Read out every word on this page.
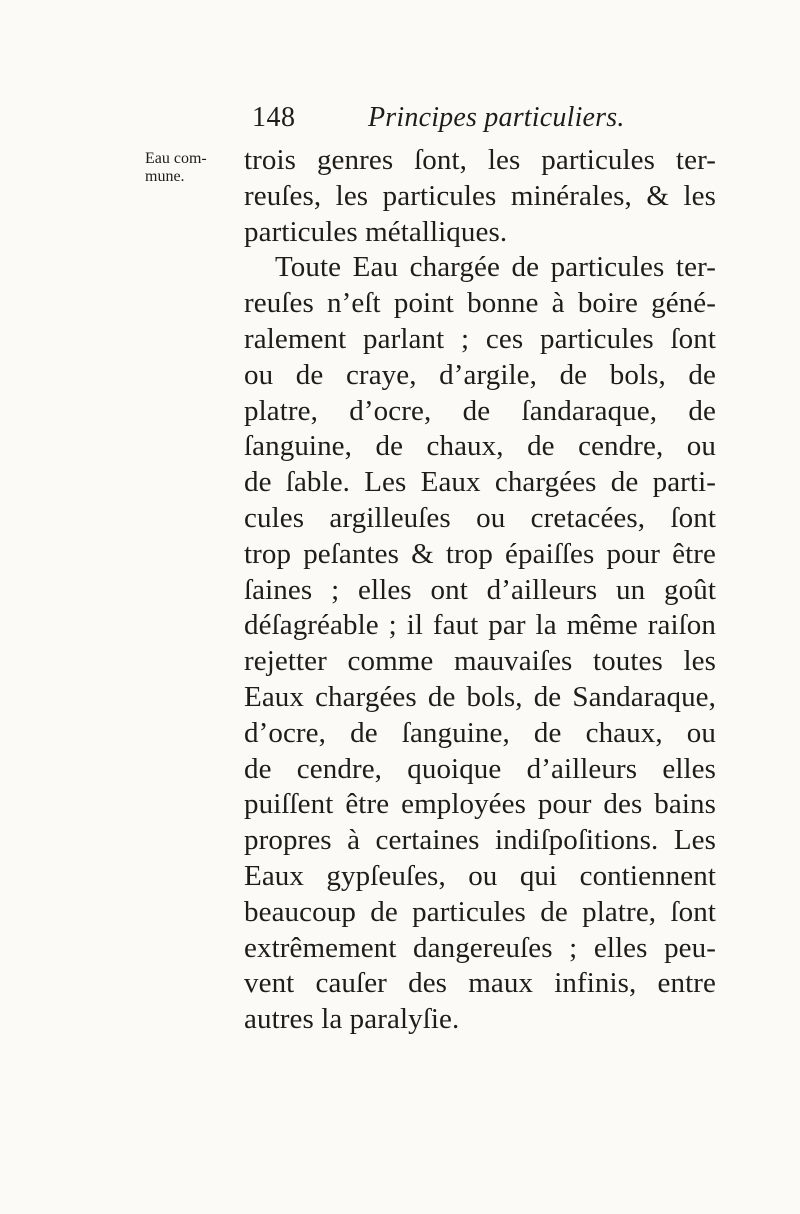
148	Principes particuliers.
Eau com-
mune.
trois genres ſont, les particules ter-
reuſes, les particules minérales, & les
particules métalliques.
Toute Eau chargée de particules ter-
reuſes n’eſt point bonne à boire géné-
ralement parlant ; ces particules ſont
ou de craye, d’argile, de bols, de
platre, d’ocre, de ſandaraque, de
ſanguine, de chaux, de cendre, ou
de ſable. Les Eaux chargées de parti-
cules argilleuſes ou cretacées, ſont
trop peſantes & trop épaiſſes pour être
ſaines ; elles ont d’ailleurs un goût
déſagréable ; il faut par la même raiſon
rejetter comme mauvaiſes toutes les
Eaux chargées de bols, de Sandaraque,
d’ocre, de ſanguine, de chaux, ou
de cendre, quoique d’ailleurs elles
puiſſent être employées pour des bains
propres à certaines indiſpoſitions. Les
Eaux gypſeuſes, ou qui contiennent
beaucoup de particules de platre, ſont
extrêmement dangereuſes ; elles peu-
vent cauſer des maux infinis, entre
autres la paralyſie.
